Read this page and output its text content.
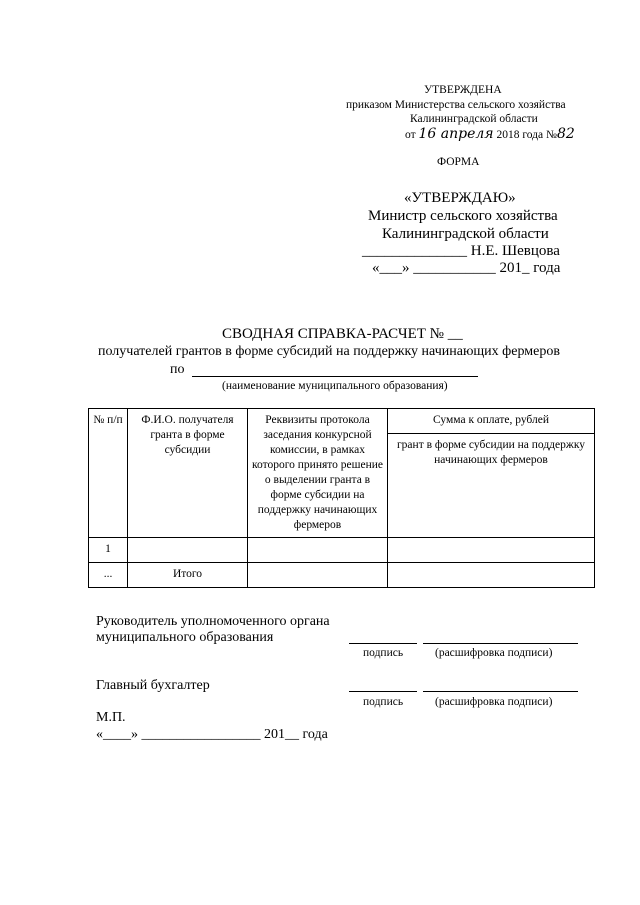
УТВЕРЖДЕНА
приказом Министерства сельского хозяйства
Калининградской области
от 16 апреля 2018 года №82
ФОРМА
«УТВЕРЖДАЮ»
Министр сельского хозяйства
Калининградской области
______________ Н.Е. Шевцова
«___» ___________ 201_ года
СВОДНАЯ СПРАВКА-РАСЧЕТ № __
получателей грантов в форме субсидий на поддержку начинающих фермеров
по
(наименование муниципального образования)
№ п/п	Ф.И.О. получателя гранта в форме субсидии	Реквизиты протокола заседания конкурсной комиссии, в рамках которого принято решение о выделении гранта в форме субсидии на поддержку начинающих фермеров	Сумма к оплате, рублей
			грант в форме субсидии на поддержку начинающих фермеров
1			
...	Итого		
Руководитель уполномоченного органа
муниципального образования
подпись	(расшифровка подписи)
Главный бухгалтер
подпись	(расшифровка подписи)
М.П.
«____» _________________ 201__ года
